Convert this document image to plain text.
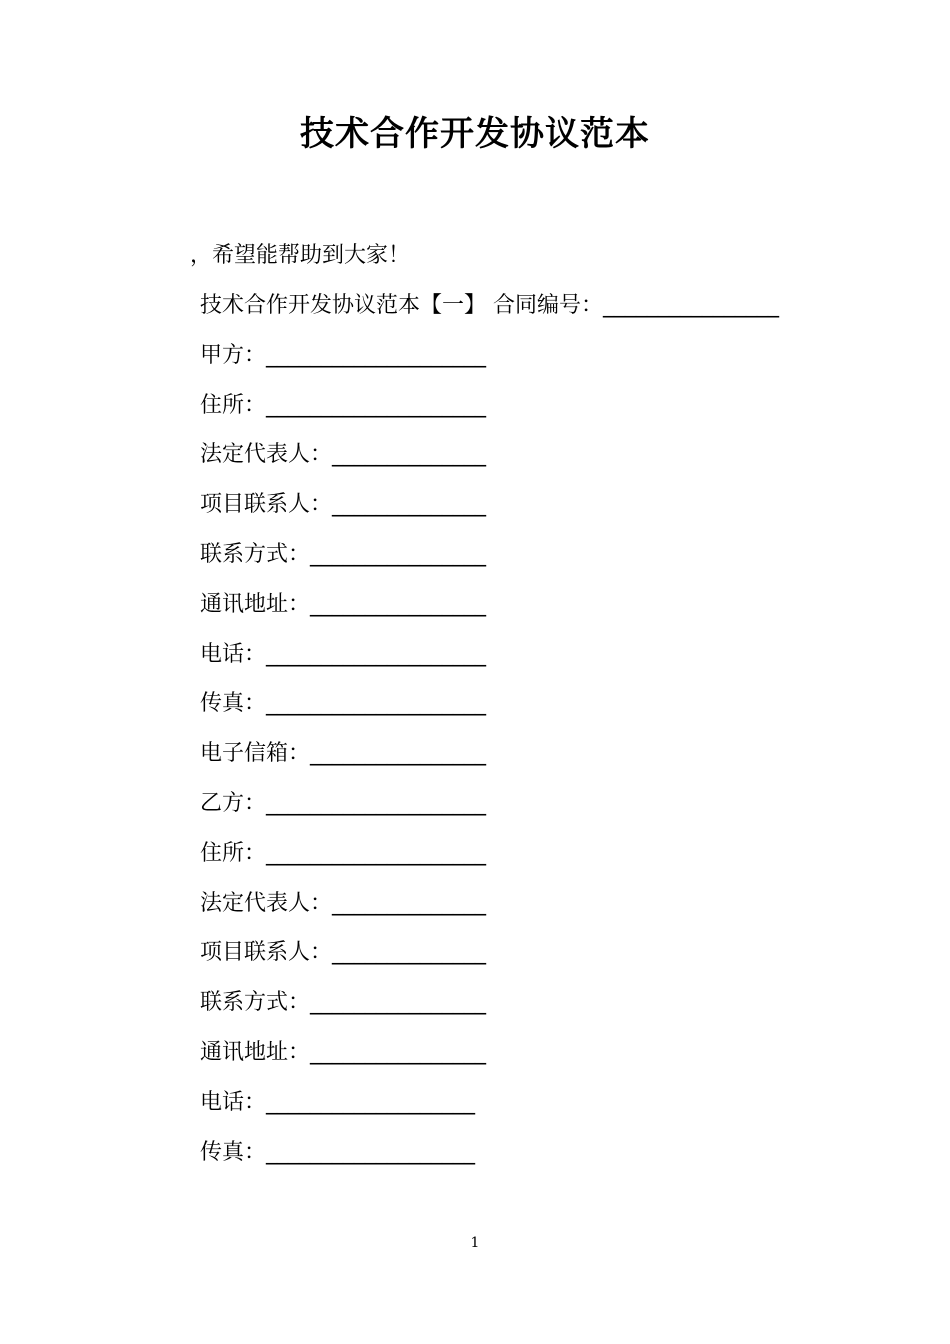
技术合作开发协议范本
，希望能帮助到大家！
技术合作开发协议范本【一】 合同编号：________________
甲方：____________________
住所：____________________
法定代表人：______________
项目联系人：______________
联系方式：________________
通讯地址：________________
电话：____________________
传真：____________________
电子信箱：________________
乙方：____________________
住所：____________________
法定代表人：______________
项目联系人：______________
联系方式：________________
通讯地址：________________
电话：___________________
传真：___________________
1
